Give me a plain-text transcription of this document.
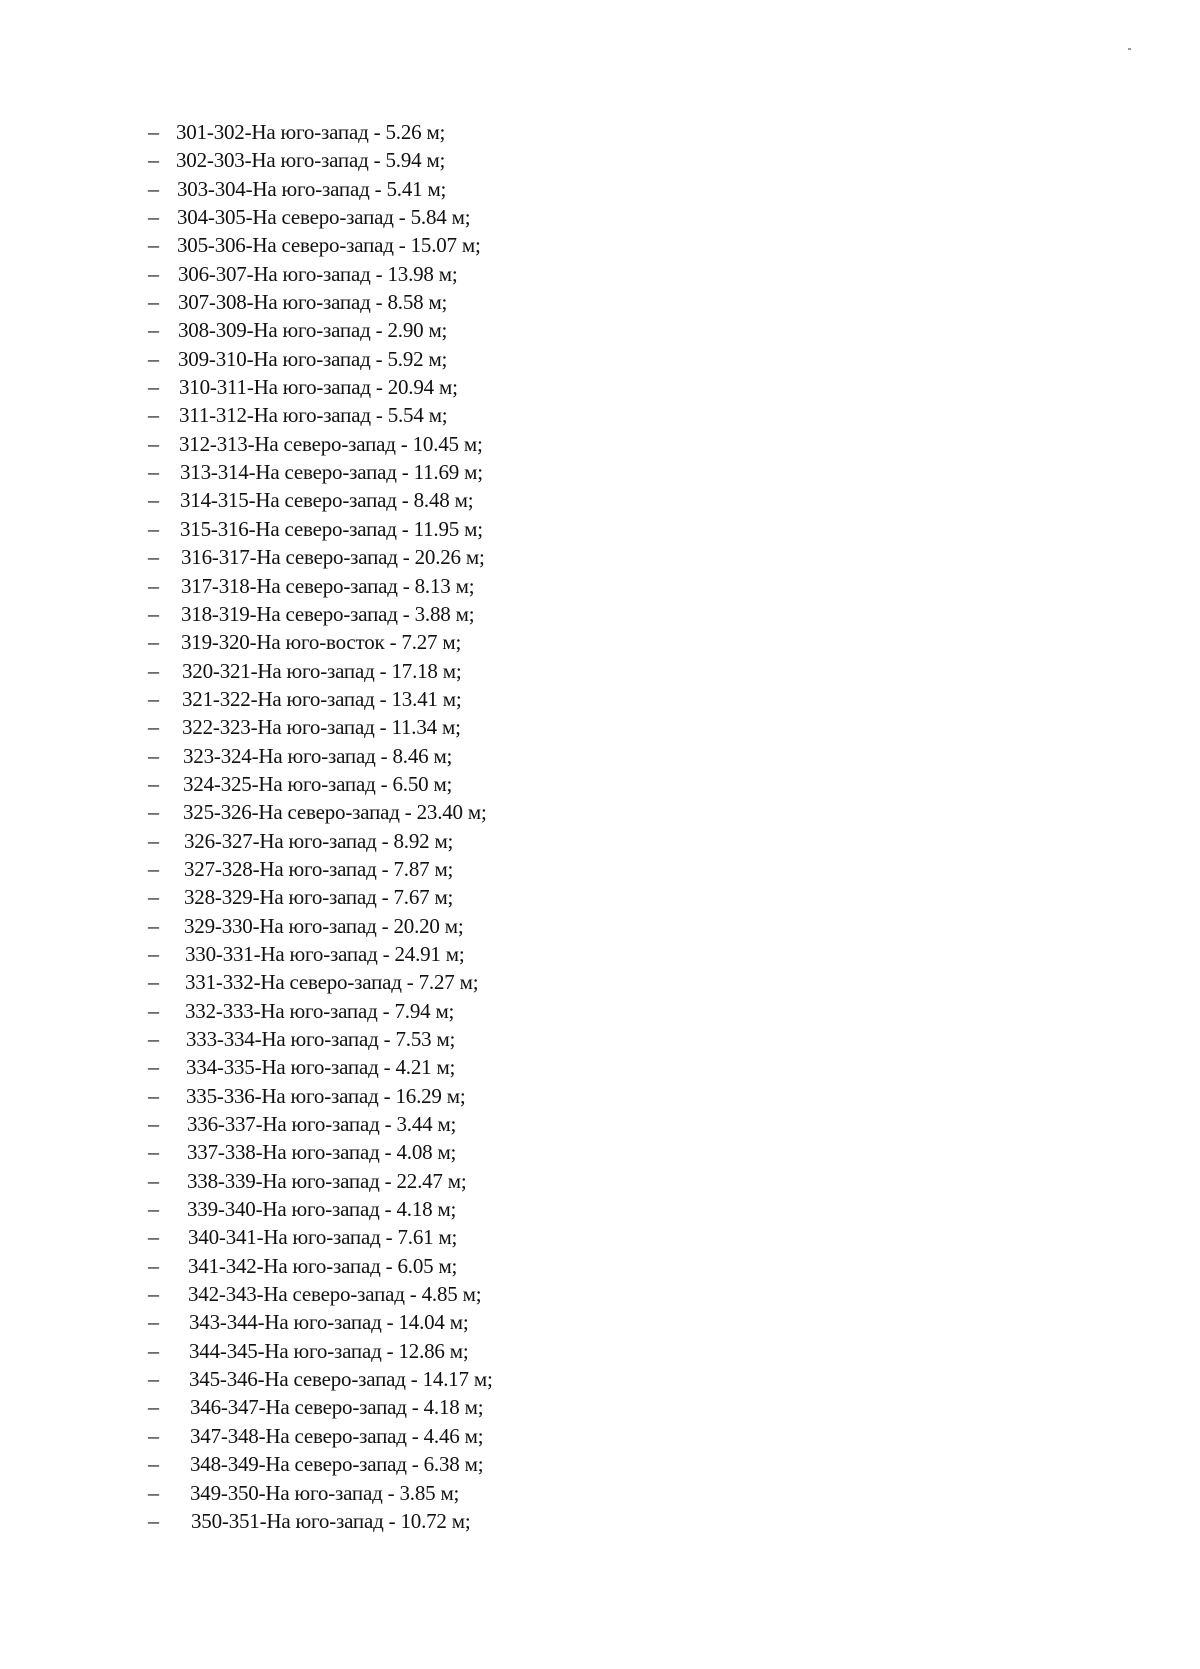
– 301-302-На юго-запад - 5.26 м;
– 302-303-На юго-запад - 5.94 м;
– 303-304-На юго-запад - 5.41 м;
– 304-305-На северо-запад - 5.84 м;
– 305-306-На северо-запад - 15.07 м;
– 306-307-На юго-запад - 13.98 м;
– 307-308-На юго-запад - 8.58 м;
– 308-309-На юго-запад - 2.90 м;
– 309-310-На юго-запад - 5.92 м;
– 310-311-На юго-запад - 20.94 м;
– 311-312-На юго-запад - 5.54 м;
– 312-313-На северо-запад - 10.45 м;
– 313-314-На северо-запад - 11.69 м;
– 314-315-На северо-запад - 8.48 м;
– 315-316-На северо-запад - 11.95 м;
– 316-317-На северо-запад - 20.26 м;
– 317-318-На северо-запад - 8.13 м;
– 318-319-На северо-запад - 3.88 м;
– 319-320-На юго-восток - 7.27 м;
– 320-321-На юго-запад - 17.18 м;
– 321-322-На юго-запад - 13.41 м;
– 322-323-На юго-запад - 11.34 м;
– 323-324-На юго-запад - 8.46 м;
– 324-325-На юго-запад - 6.50 м;
– 325-326-На северо-запад - 23.40 м;
– 326-327-На юго-запад - 8.92 м;
– 327-328-На юго-запад - 7.87 м;
– 328-329-На юго-запад - 7.67 м;
– 329-330-На юго-запад - 20.20 м;
– 330-331-На юго-запад - 24.91 м;
– 331-332-На северо-запад - 7.27 м;
– 332-333-На юго-запад - 7.94 м;
– 333-334-На юго-запад - 7.53 м;
– 334-335-На юго-запад - 4.21 м;
– 335-336-На юго-запад - 16.29 м;
– 336-337-На юго-запад - 3.44 м;
– 337-338-На юго-запад - 4.08 м;
– 338-339-На юго-запад - 22.47 м;
– 339-340-На юго-запад - 4.18 м;
– 340-341-На юго-запад - 7.61 м;
– 341-342-На юго-запад - 6.05 м;
– 342-343-На северо-запад - 4.85 м;
– 343-344-На юго-запад - 14.04 м;
– 344-345-На юго-запад - 12.86 м;
– 345-346-На северо-запад - 14.17 м;
– 346-347-На северо-запад - 4.18 м;
– 347-348-На северо-запад - 4.46 м;
– 348-349-На северо-запад - 6.38 м;
– 349-350-На юго-запад - 3.85 м;
– 350-351-На юго-запад - 10.72 м;
